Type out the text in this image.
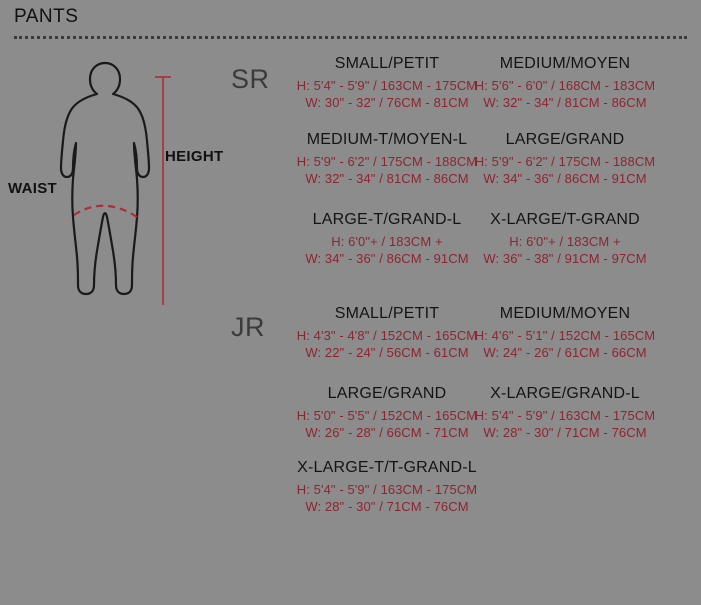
PANTS
WAIST
HEIGHT
SR
JR
SMALL/PETIT
H: 5'4" - 5'9" / 163CM - 175CM
W: 30" - 32" / 76CM - 81CM
MEDIUM/MOYEN
H: 5'6" - 6'0" / 168CM - 183CM
W: 32" - 34" / 81CM - 86CM
MEDIUM-T/MOYEN-L
H: 5'9" - 6'2" / 175CM - 188CM
W: 32" - 34" / 81CM - 86CM
LARGE/GRAND
H: 5'9" - 6'2" / 175CM - 188CM
W: 34" - 36" / 86CM - 91CM
LARGE-T/GRAND-L
H: 6'0"+ / 183CM +
W: 34" - 36" / 86CM - 91CM
X-LARGE/T-GRAND
H: 6'0"+ / 183CM +
W: 36" - 38" / 91CM - 97CM
SMALL/PETIT
H: 4'3" - 4'8" / 152CM - 165CM
W: 22" - 24" / 56CM - 61CM
MEDIUM/MOYEN
H: 4'6" - 5'1" / 152CM - 165CM
W: 24" - 26" / 61CM - 66CM
LARGE/GRAND
H: 5'0" - 5'5" / 152CM - 165CM
W: 26" - 28" / 66CM - 71CM
X-LARGE/GRAND-L
H: 5'4" - 5'9" / 163CM - 175CM
W: 28" - 30" / 71CM - 76CM
X-LARGE-T/T-GRAND-L
H: 5'4" - 5'9" / 163CM - 175CM
W: 28" - 30" / 71CM - 76CM
